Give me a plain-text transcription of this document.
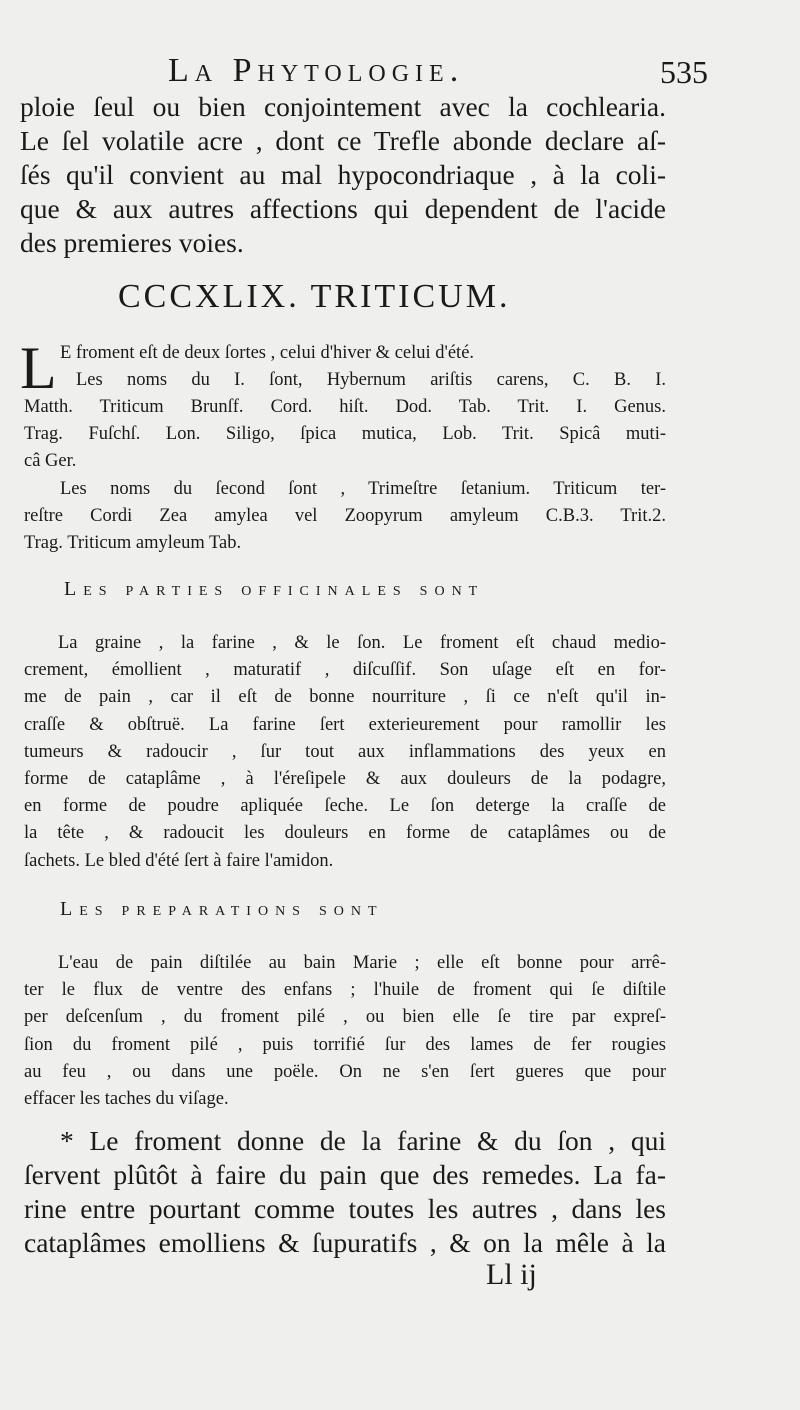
La Phytologie.	535
ploie ſeul ou bien conjointement avec la cochlearia.
Le ſel volatile acre , dont ce Trefle abonde declare aſ-
ſés qu'il convient au mal hypocondriaque , à la coli-
que & aux autres affections qui dependent de l'acide
des premieres voies.
CCCXLIX. TRITICUM.
L E froment eſt de deux ſortes , celui d'hiver & celui d'été.
Les noms du I. ſont, Hybernum ariſtis carens, C. B. I.
Matth. Triticum Brunſf. Cord. hiſt. Dod. Tab. Trit. I. Genus.
Trag. Fuſchſ. Lon. Siligo, ſpica mutica, Lob. Trit. Spicâ muti-
câ Ger.
Les noms du ſecond ſont , Trimeſtre ſetanium. Triticum ter-
reſtre Cordi Zea amylea vel Zoopyrum amyleum C.B.3. Trit.2.
Trag. Triticum amyleum Tab.
Les parties officinales sont
La graine , la farine , & le ſon. Le froment eſt chaud medio-
crement, émollient , maturatif , diſcuſſif. Son uſage eſt en for-
me de pain , car il eſt de bonne nourriture , ſi ce n'eſt qu'il in-
craſſe & obſtruë. La farine ſert exterieurement pour ramollir les
tumeurs & radoucir , ſur tout aux inflammations des yeux en
forme de cataplâme , à l'éreſipele & aux douleurs de la podagre,
en forme de poudre apliquée ſeche. Le ſon deterge la craſſe de
la tête , & radoucit les douleurs en forme de cataplâmes ou de
ſachets. Le bled d'été ſert à faire l'amidon.
Les preparations sont
L'eau de pain diſtilée au bain Marie ; elle eſt bonne pour arrê-
ter le flux de ventre des enfans ; l'huile de froment qui ſe diſtile
per deſcenſum , du froment pilé , ou bien elle ſe tire par expreſ-
ſion du froment pilé , puis torrifié ſur des lames de fer rougies
au feu , ou dans une poële. On ne s'en ſert gueres que pour
effacer les taches du viſage.
* Le froment donne de la farine & du ſon , qui
ſervent plûtôt à faire du pain que des remedes. La fa-
rine entre pourtant comme toutes les autres , dans les
cataplâmes emolliens & ſupuratifs , & on la mêle à la
Ll ij
